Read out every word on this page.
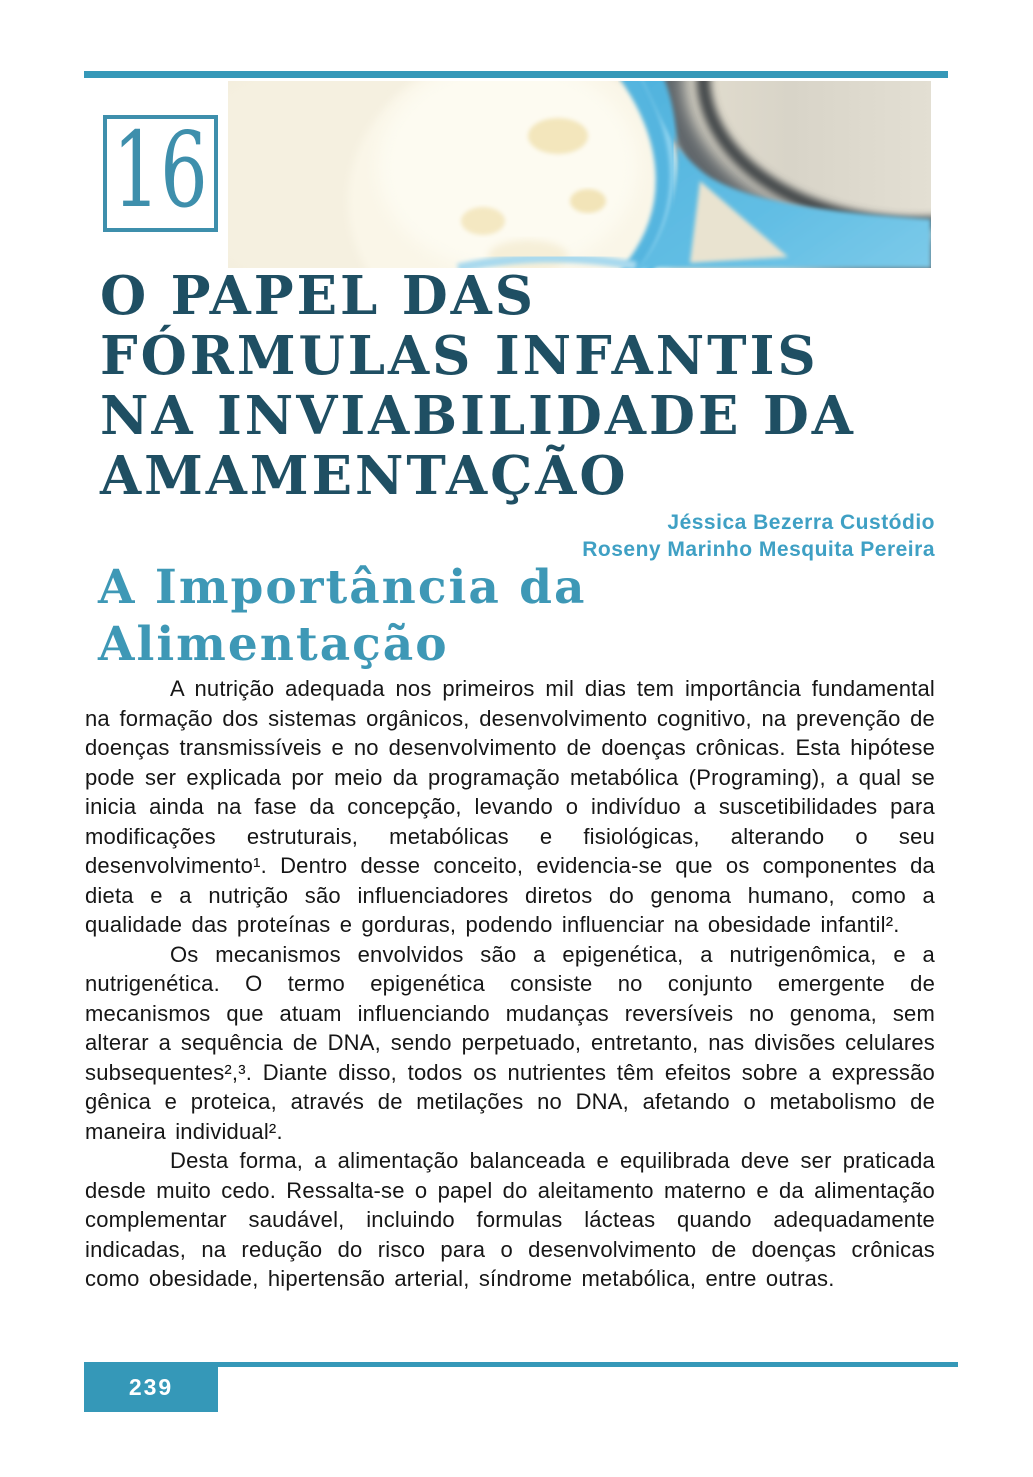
16
O PAPEL DAS
FÓRMULAS INFANTIS
NA INVIABILIDADE DA
AMAMENTAÇÃO
Jéssica Bezerra Custódio
Roseny Marinho Mesquita Pereira
A Importância da
Alimentação

A nutrição adequada nos primeiros mil dias tem importância fundamental na formação dos sistemas orgânicos, desenvolvimento cognitivo, na prevenção de doenças transmissíveis e no desenvolvimento de doenças crônicas. Esta hipótese pode ser explicada por meio da programação metabólica (Programing), a qual se inicia ainda na fase da concepção, levando o indivíduo a suscetibilidades para modificações estruturais, metabólicas e fisiológicas, alterando o seu desenvolvimento¹. Dentro desse conceito, evidencia-se que os componentes da dieta e a nutrição são influenciadores diretos do genoma humano, como a qualidade das proteínas e gorduras, podendo influenciar na obesidade infantil².

Os mecanismos envolvidos são a epigenética, a nutrigenômica, e a nutrigenética. O termo epigenética consiste no conjunto emergente de mecanismos que atuam influenciando mudanças reversíveis no genoma, sem alterar a sequência de DNA, sendo perpetuado, entretanto, nas divisões celulares subsequentes²,³. Diante disso, todos os nutrientes têm efeitos sobre a expressão gênica e proteica, através de metilações no DNA, afetando o metabolismo de maneira individual².

Desta forma, a alimentação balanceada e equilibrada deve ser praticada desde muito cedo. Ressalta-se o papel do aleitamento materno e da alimentação complementar saudável, incluindo formulas lácteas quando adequadamente indicadas, na redução do risco para o desenvolvimento de doenças crônicas como obesidade, hipertensão arterial, síndrome metabólica, entre outras.

239
